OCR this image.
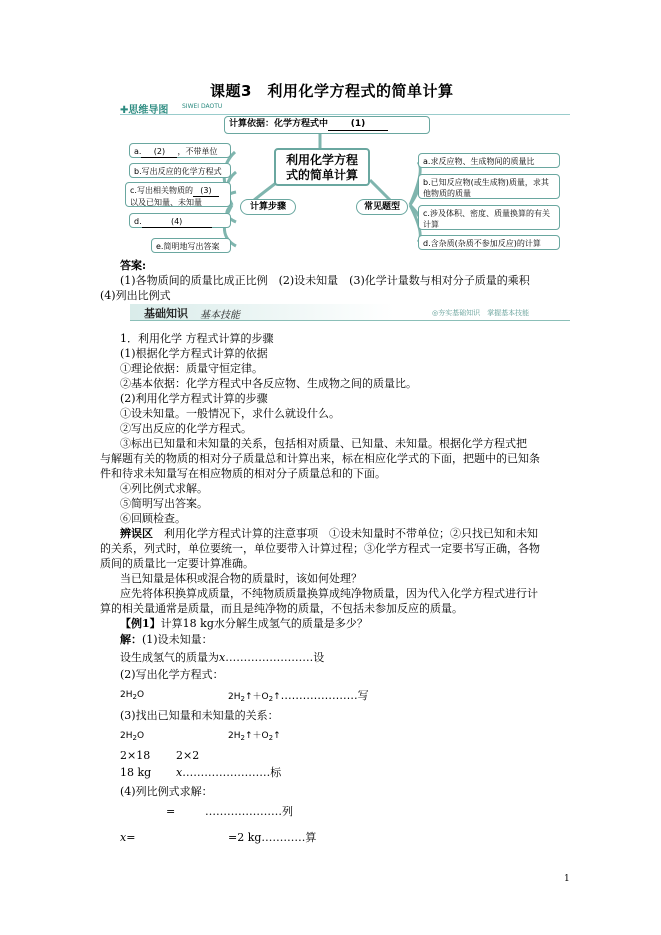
课题3　利用化学方程式的简单计算
✚思维导图 SIWEI DAOTU
计算依据：化学方程式中	(1)
利用化学方程
式的简单计算
计算步骤	常见题型
a. (2) ，不带单位
b.写出反应的化学方程式
c.写出相关物质的 (3)
以及已知量、未知量
d.	(4)
e.简明地写出答案
a.求反应物、生成物间的质量比
b.已知反应物(或生成物)质量，求其他物质的质量
c.涉及体积、密度、质量换算的有关计算
d.含杂质(杂质不参加反应)的计算
答案:
(1)各物质间的质量比成正比例　(2)设未知量　(3)化学计量数与相对分子质量的乘积
(4)列出比例式
基础知识 基本技能	◎夯实基础知识　掌握基本技能
1．利用化学 方程式计算的步骤
(1)根据化学方程式计算的依据
①理论依据：质量守恒定律。
②基本依据：化学方程式中各反应物、生成物之间的质量比。
(2)利用化学方程式计算的步骤
①设未知量。一般情况下，求什么就设什么。
②写出反应的化学方程式。
③标出已知量和未知量的关系，包括相对质量、已知量、未知量。根据化学方程式把
与解题有关的物质的相对分子质量总和计算出来，标在相应化学式的下面，把题中的已知条
件和待求未知量写在相应物质的相对分子质量总和的下面。
④列比例式求解。
⑤简明写出答案。
⑥回顾检查。
辨误区　利用化学方程式计算的注意事项　①设未知量时不带单位；②只找已知和未知
的关系，列式时，单位要统一，单位要带入计算过程；③化学方程式一定要书写正确，各物
质间的质量比一定要计算准确。
当已知量是体积或混合物的质量时，该如何处理？
应先将体积换算成质量，不纯物质质量换算成纯净物质量，因为代入化学方程式进行计
算的相关量通常是质量，而且是纯净物的质量，不包括未参加反应的质量。
【例1】计算18 kg水分解生成氢气的质量是多少？
解：(1)设未知量：
设生成氢气的质量为x……………………设
(2)写出化学方程式：
$2H_2O$	$2H_2↑+O_2↑\dots\dots\dots\dots\dots\dots\dots$写
(3)找出已知量和未知量的关系：
$2H_2O$	$2H_2↑+O_2↑$
2×18 2×2
18 kg x……………………标
(4)列比例式求解：
=	…………………列
x=	=2 kg…………算
1
